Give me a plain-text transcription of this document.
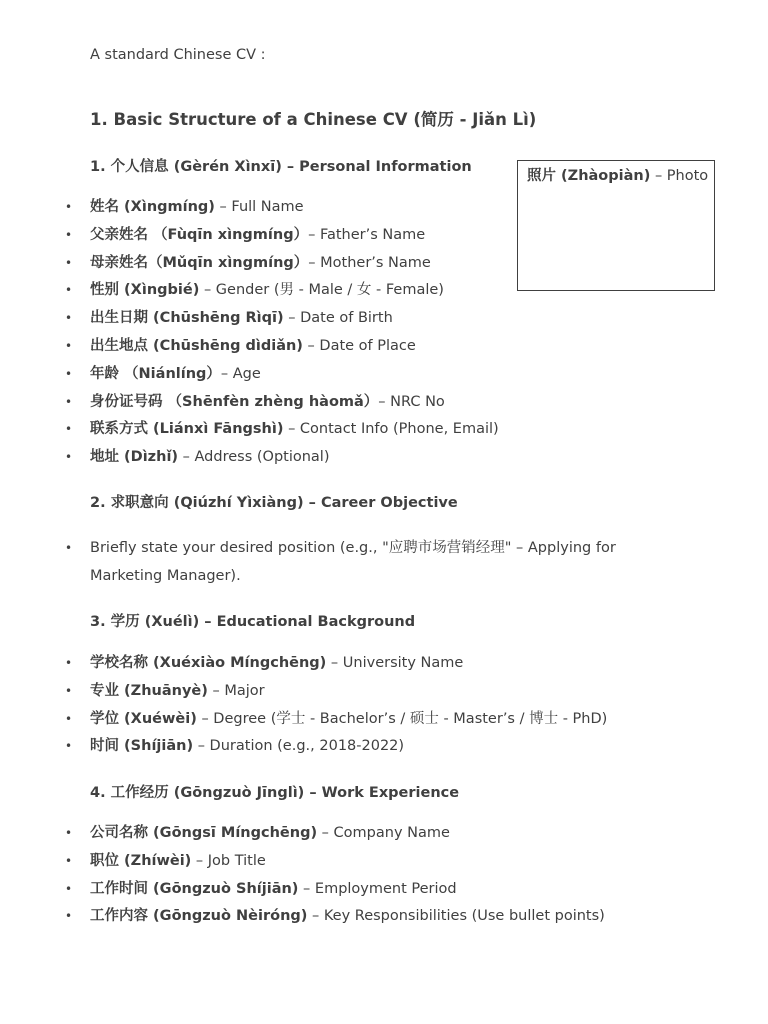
A standard Chinese CV :
1. Basic Structure of a Chinese CV (简历 - Jiǎn Lì)
1. 个人信息 (Gèrén Xìnxī) – Personal Information
• 姓名 (Xìngmíng) – Full Name
• 父亲姓名 （Fùqīn xìngmíng）– Father’s Name
• 母亲姓名（Mǔqīn xìngmíng）– Mother’s Name
• 性别 (Xìngbié) – Gender (男 - Male / 女 - Female)
• 出生日期 (Chūshēng Rìqī) – Date of Birth
• 出生地点 (Chūshēng dìdiǎn) – Date of Place
• 年龄 （Niánlíng）– Age
• 身份证号码 （Shēnfèn zhèng hàomǎ）– NRC No
• 联系方式 (Liánxì Fāngshì) – Contact Info (Phone, Email)
• 地址 (Dìzhǐ) – Address (Optional)
照片 (Zhàopiàn) – Photo
2. 求职意向 (Qiúzhí Yìxiàng) – Career Objective
• Briefly state your desired position (e.g., "应聘市场营销经理" – Applying for Marketing Manager).
3. 学历 (Xuélì) – Educational Background
• 学校名称 (Xuéxiào Míngchēng) – University Name
• 专业 (Zhuānyè) – Major
• 学位 (Xuéwèi) – Degree (学士 - Bachelor’s / 硕士 - Master’s / 博士 - PhD)
• 时间 (Shíjiān) – Duration (e.g., 2018-2022)
4. 工作经历 (Gōngzuò Jīnglì) – Work Experience
• 公司名称 (Gōngsī Míngchēng) – Company Name
• 职位 (Zhíwèi) – Job Title
• 工作时间 (Gōngzuò Shíjiān) – Employment Period
• 工作内容 (Gōngzuò Nèiróng) – Key Responsibilities (Use bullet points)
